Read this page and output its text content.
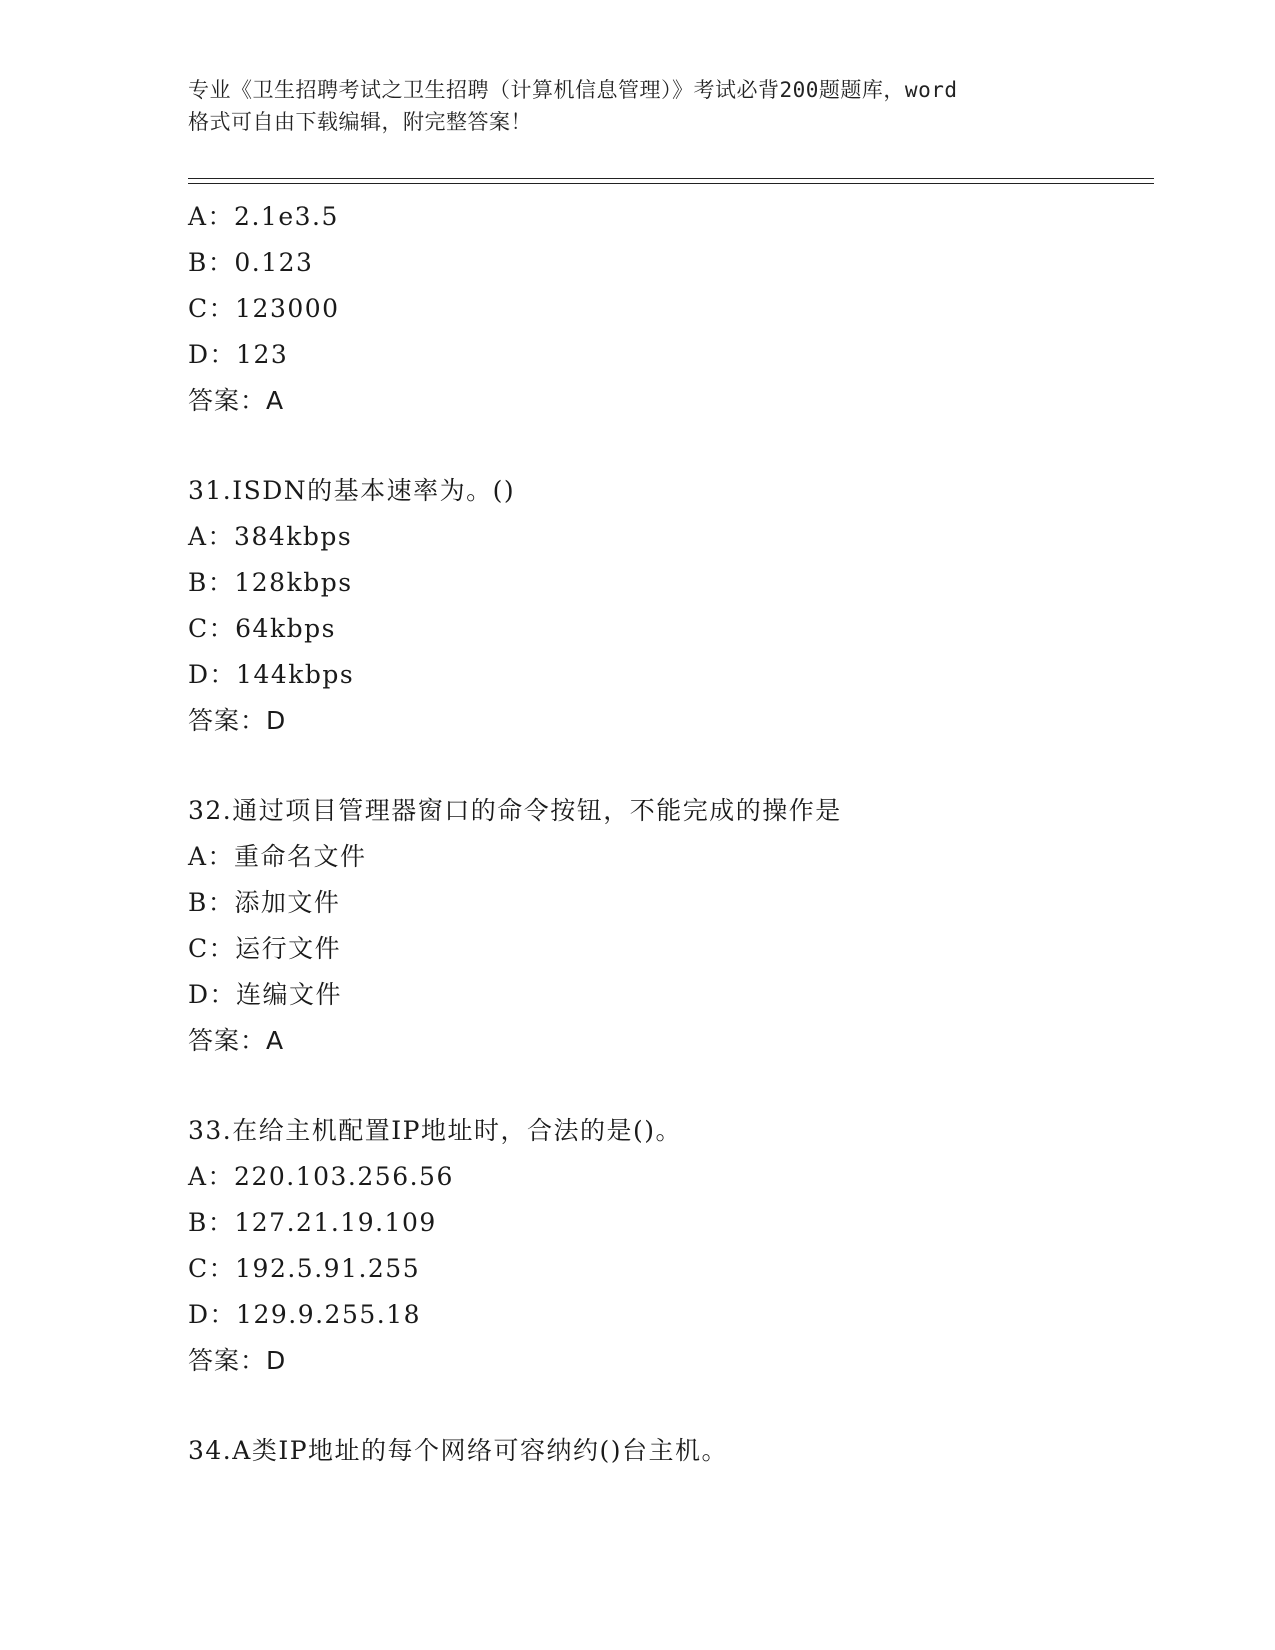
专业《卫生招聘考试之卫生招聘（计算机信息管理）》考试必背200题题库，word
格式可自由下载编辑，附完整答案！
A：2.1e3.5
B：0.123
C：123000
D：123
答案：A
31.ISDN的基本速率为。()
A：384kbps
B：128kbps
C：64kbps
D：144kbps
答案：D
32.通过项目管理器窗口的命令按钮，不能完成的操作是
A：重命名文件
B：添加文件
C：运行文件
D：连编文件
答案：A
33.在给主机配置IP地址时，合法的是()。
A：220.103.256.56
B：127.21.19.109
C：192.5.91.255
D：129.9.255.18
答案：D
34.A类IP地址的每个网络可容纳约()台主机。
